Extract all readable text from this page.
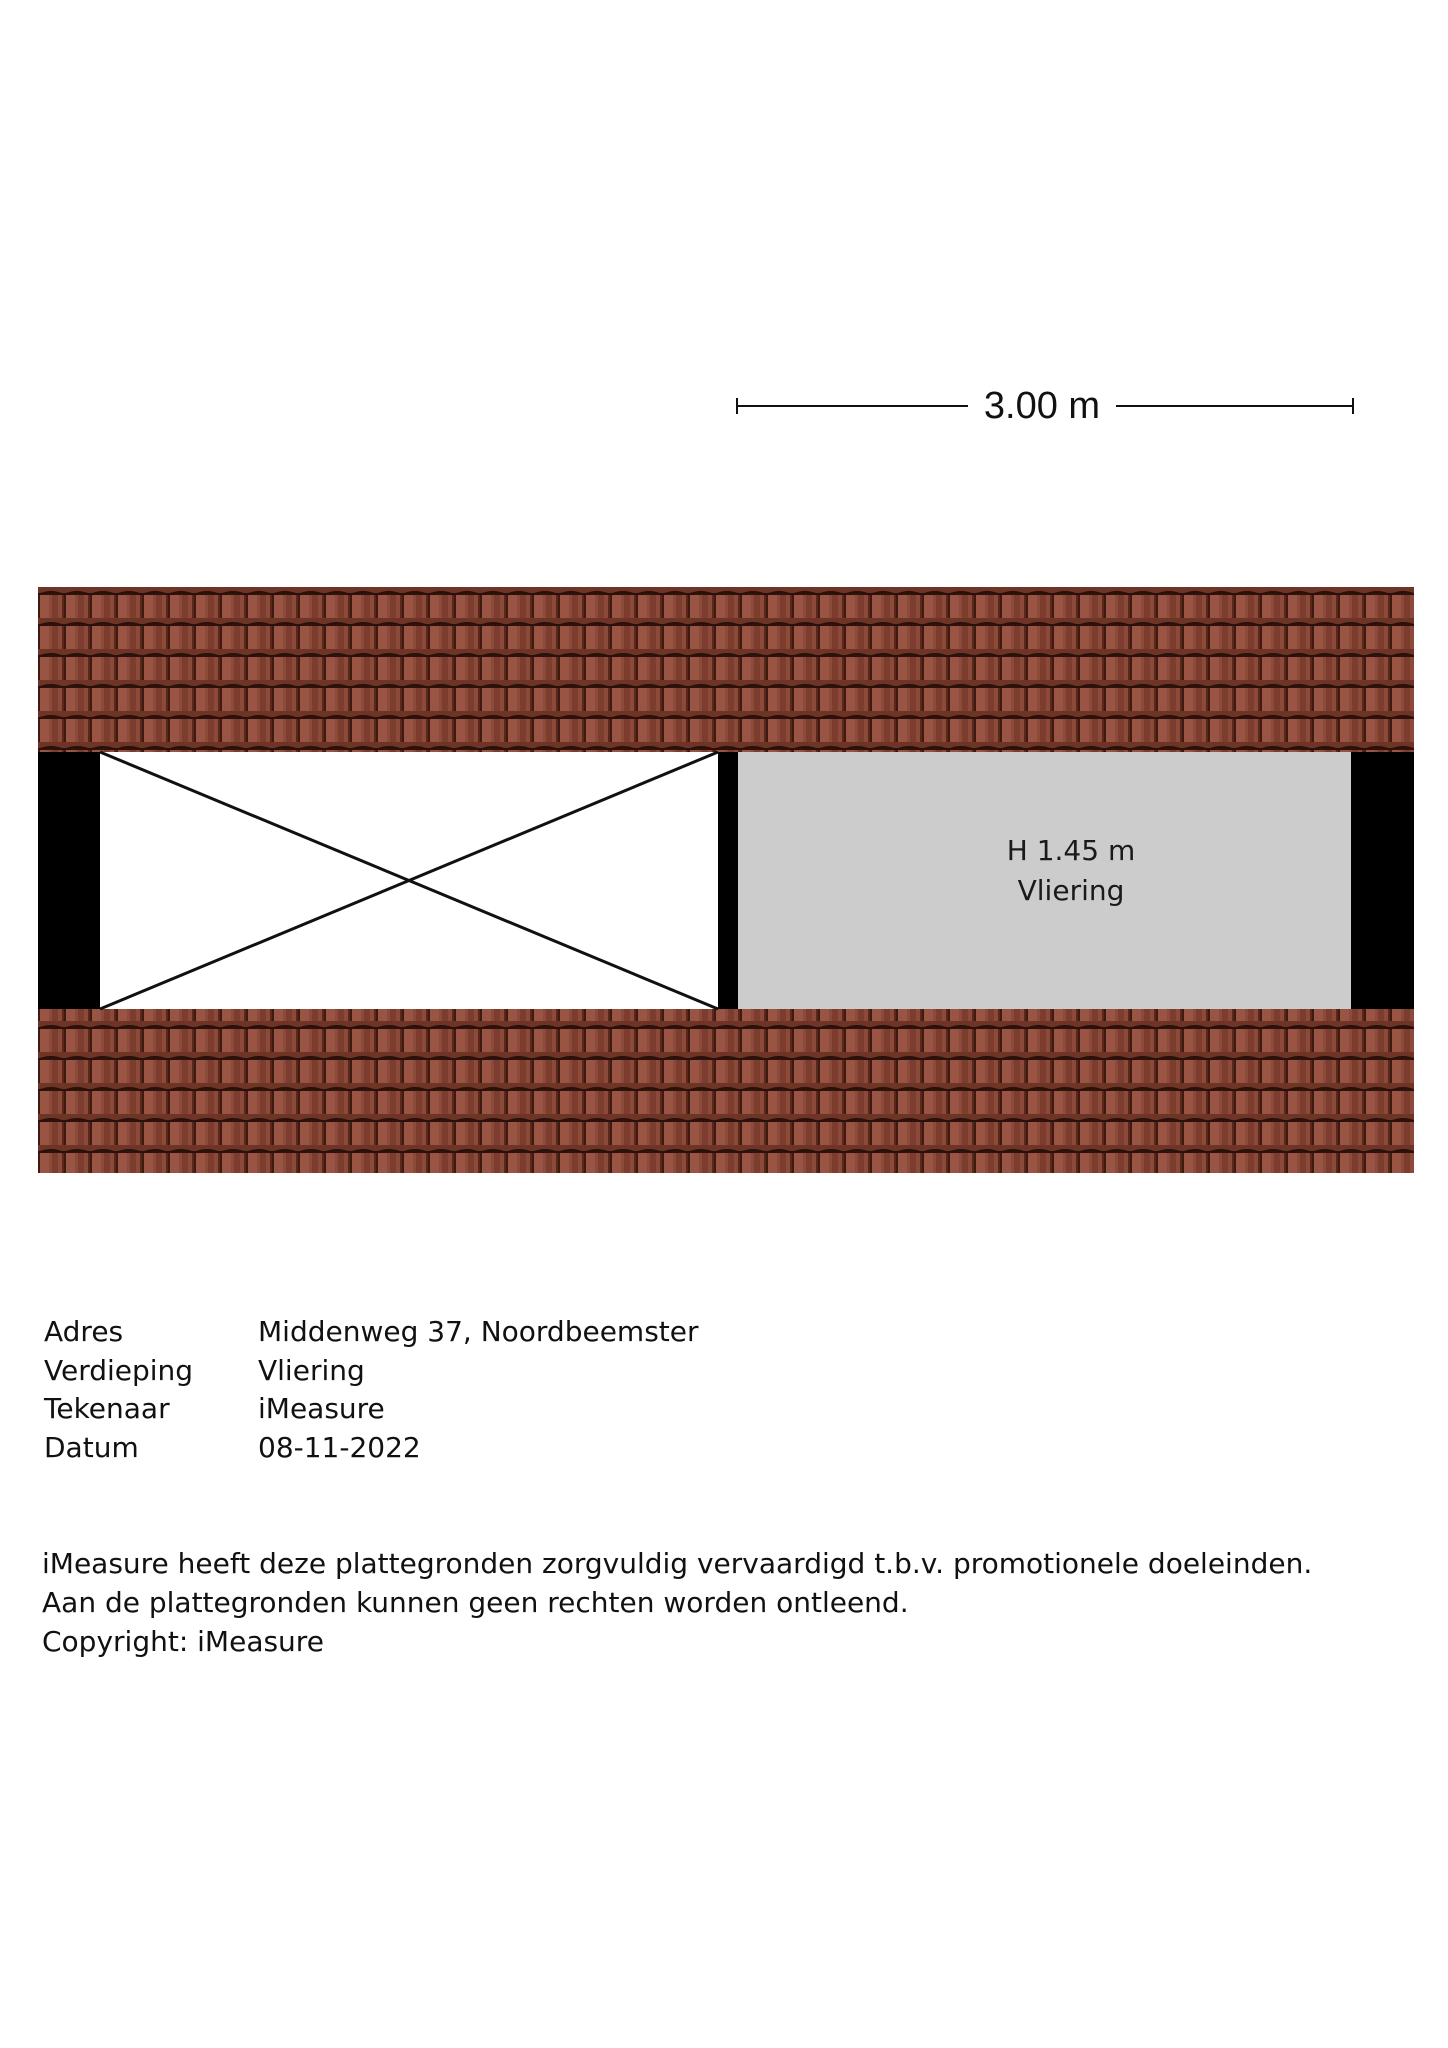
3.00 m
H 1.45 m
Vliering
Adres	Middenweg 37, Noordbeemster
Verdieping	Vliering
Tekenaar	iMeasure
Datum	08-11-2022
iMeasure heeft deze plattegronden zorgvuldig vervaardigd t.b.v. promotionele doeleinden.
Aan de plattegronden kunnen geen rechten worden ontleend.
Copyright: iMeasure
